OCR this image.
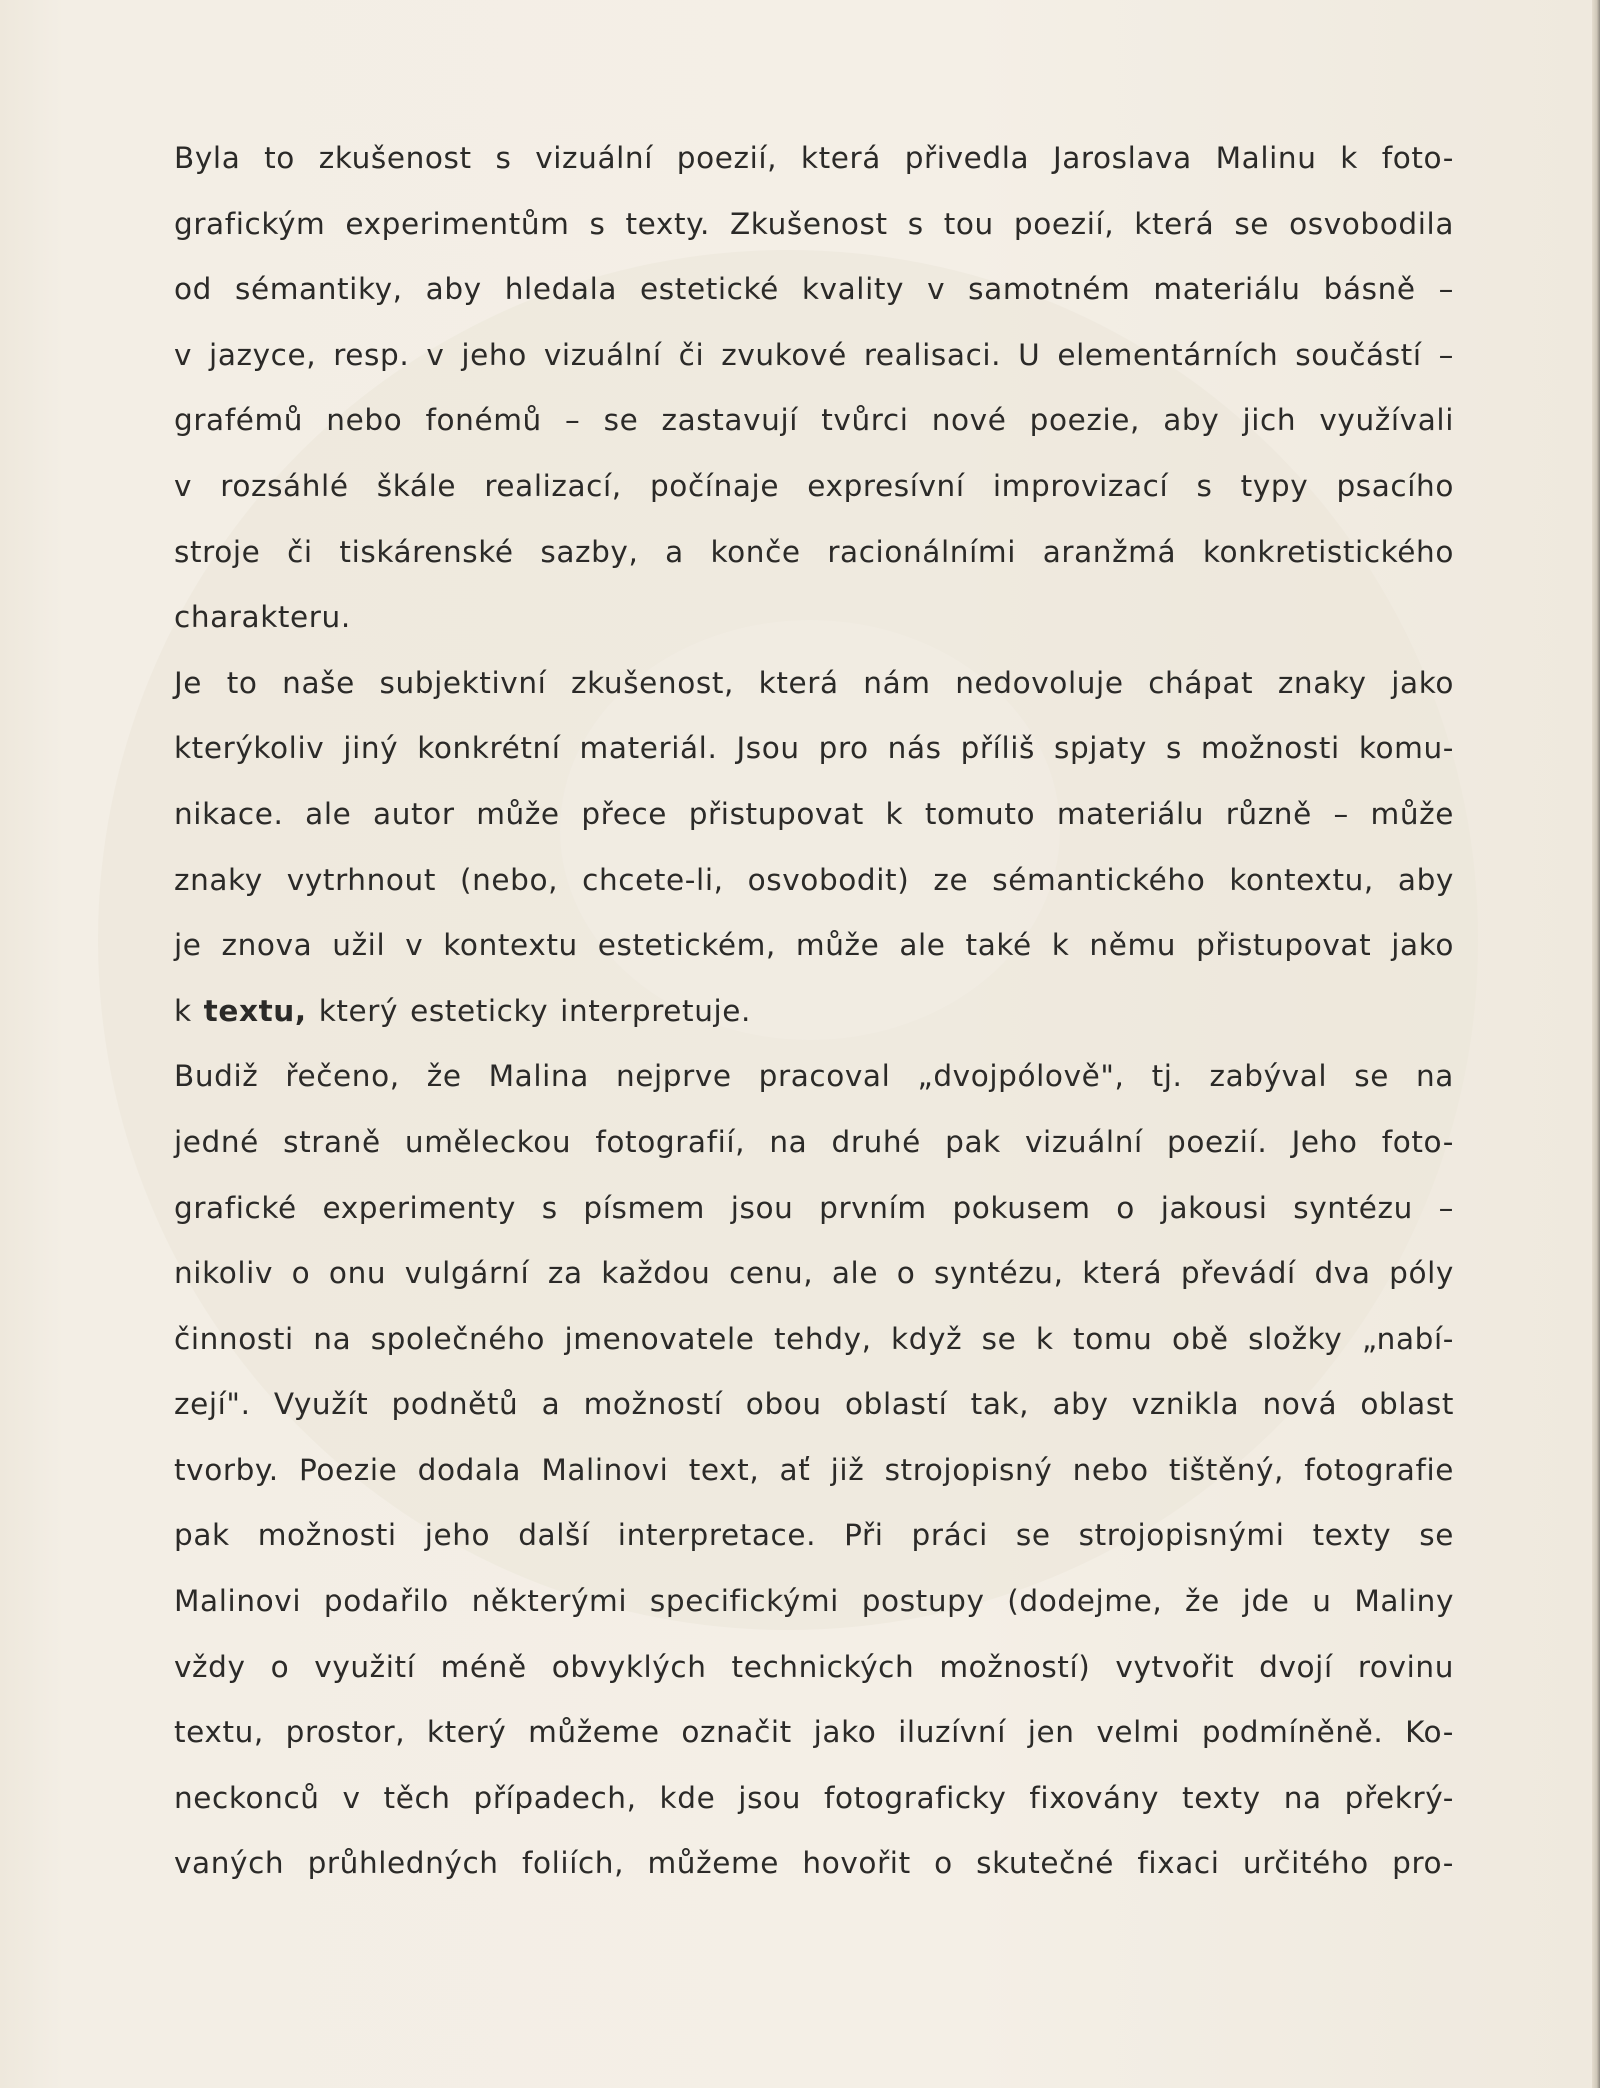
Byla to zkušenost s vizuální poezií, která přivedla Jaroslava Malinu k foto-
grafickým experimentům s texty. Zkušenost s tou poezií, která se osvobodila
od sémantiky, aby hledala estetické kvality v samotném materiálu básně –
v jazyce, resp. v jeho vizuální či zvukové realisaci. U elementárních součástí –
grafémů nebo fonémů – se zastavují tvůrci nové poezie, aby jich využívali
v rozsáhlé škále realizací, počínaje expresívní improvizací s typy psacího
stroje či tiskárenské sazby, a konče racionálními aranžmá konkretistického
charakteru.
Je to naše subjektivní zkušenost, která nám nedovoluje chápat znaky jako
kterýkoliv jiný konkrétní materiál. Jsou pro nás příliš spjaty s možnosti komu-
nikace. ale autor může přece přistupovat k tomuto materiálu různě – může
znaky vytrhnout (nebo, chcete-li, osvobodit) ze sémantického kontextu, aby
je znova užil v kontextu estetickém, může ale také k němu přistupovat jako
k textu, který esteticky interpretuje.
Budiž řečeno, že Malina nejprve pracoval „dvojpólově", tj. zabýval se na
jedné straně uměleckou fotografií, na druhé pak vizuální poezií. Jeho foto-
grafické experimenty s písmem jsou prvním pokusem o jakousi syntézu –
nikoliv o onu vulgární za každou cenu, ale o syntézu, která převádí dva póly
činnosti na společného jmenovatele tehdy, když se k tomu obě složky „nabí-
zejí". Využít podnětů a možností obou oblastí tak, aby vznikla nová oblast
tvorby. Poezie dodala Malinovi text, ať již strojopisný nebo tištěný, fotografie
pak možnosti jeho další interpretace. Při práci se strojopisnými texty se
Malinovi podařilo některými specifickými postupy (dodejme, že jde u Maliny
vždy o využití méně obvyklých technických možností) vytvořit dvojí rovinu
textu, prostor, který můžeme označit jako iluzívní jen velmi podmíněně. Ko-
neckonců v těch případech, kde jsou fotograficky fixovány texty na překrý-
vaných průhledných foliích, můžeme hovořit o skutečné fixaci určitého pro-
